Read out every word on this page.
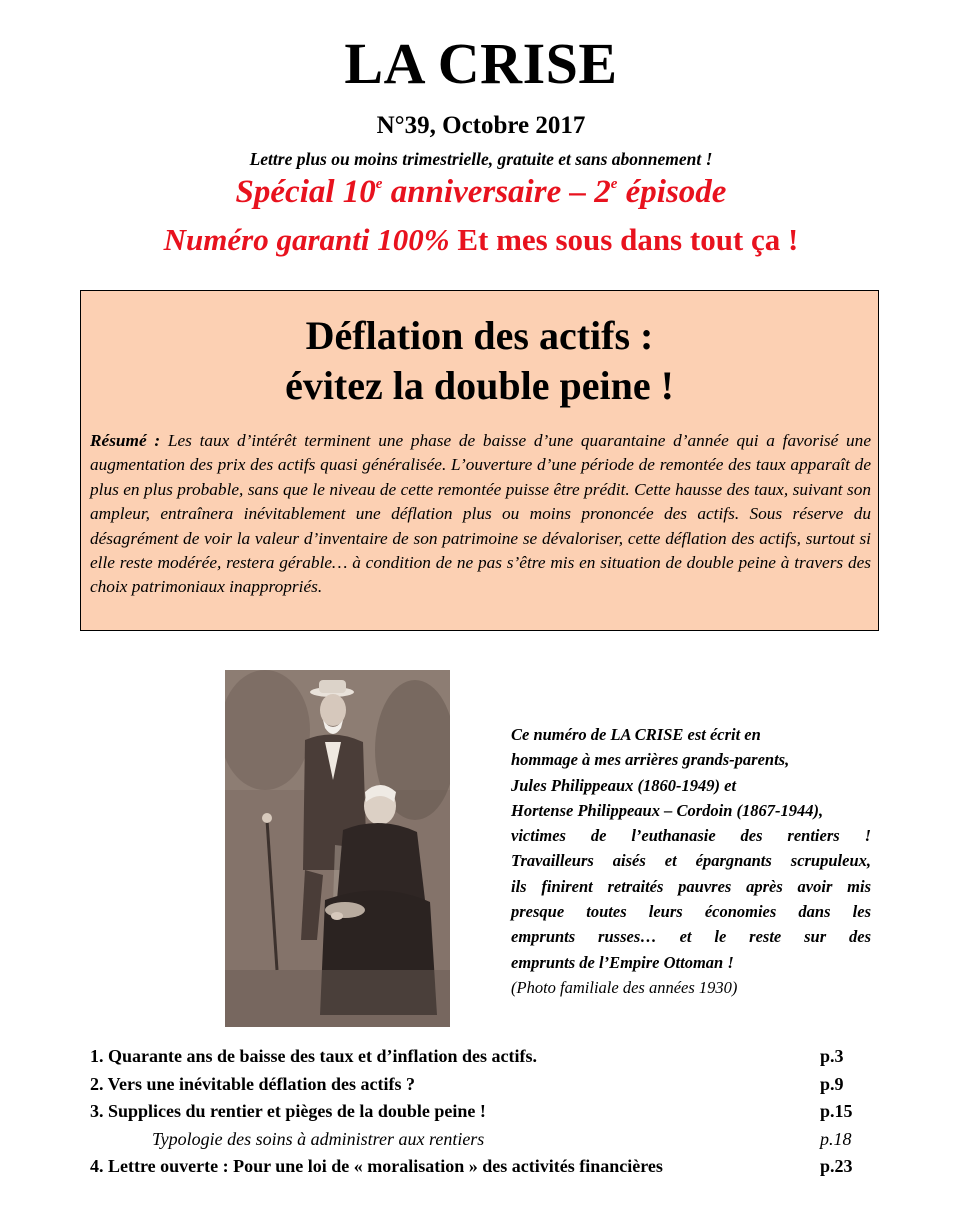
LA CRISE
N°39, Octobre 2017
Lettre plus ou moins trimestrielle, gratuite et sans abonnement !
Spécial 10e anniversaire – 2e épisode
Numéro garanti 100% Et mes sous dans tout ça !
Déflation des actifs :
évitez la double peine !
Résumé : Les taux d’intérêt terminent une phase de baisse d’une quarantaine d’année qui a favorisé une augmentation des prix des actifs quasi généralisée. L’ouverture d’une période de remontée des taux apparaît de plus en plus probable, sans que le niveau de cette remontée puisse être prédit. Cette hausse des taux, suivant son ampleur, entraînera inévitablement une déflation plus ou moins prononcée des actifs. Sous réserve du désagrément de voir la valeur d’inventaire de son patrimoine se dévaloriser, cette déflation des actifs, surtout si elle reste modérée, restera gérable… à condition de ne pas s’être mis en situation de double peine à travers des choix patrimoniaux inappropriés.
Ce numéro de LA CRISE est écrit en
hommage à mes arrières grands-parents,
Jules Philippeaux (1860-1949) et
Hortense Philippeaux – Cordoin (1867-1944),
victimes de l’euthanasie des rentiers !
Travailleurs aisés et épargnants scrupuleux,
ils finirent retraités pauvres après avoir mis
presque toutes leurs économies dans les
emprunts russes… et le reste sur des
emprunts de l’Empire Ottoman !
(Photo familiale des années 1930)
1. Quarante ans de baisse des taux et d’inflation des actifs.	p.3
2. Vers une inévitable déflation des actifs ?	p.9
3. Supplices du rentier et pièges de la double peine !	p.15
Typologie des soins à administrer aux rentiers	p.18
4. Lettre ouverte : Pour une loi de « moralisation » des activités financières	p.23
